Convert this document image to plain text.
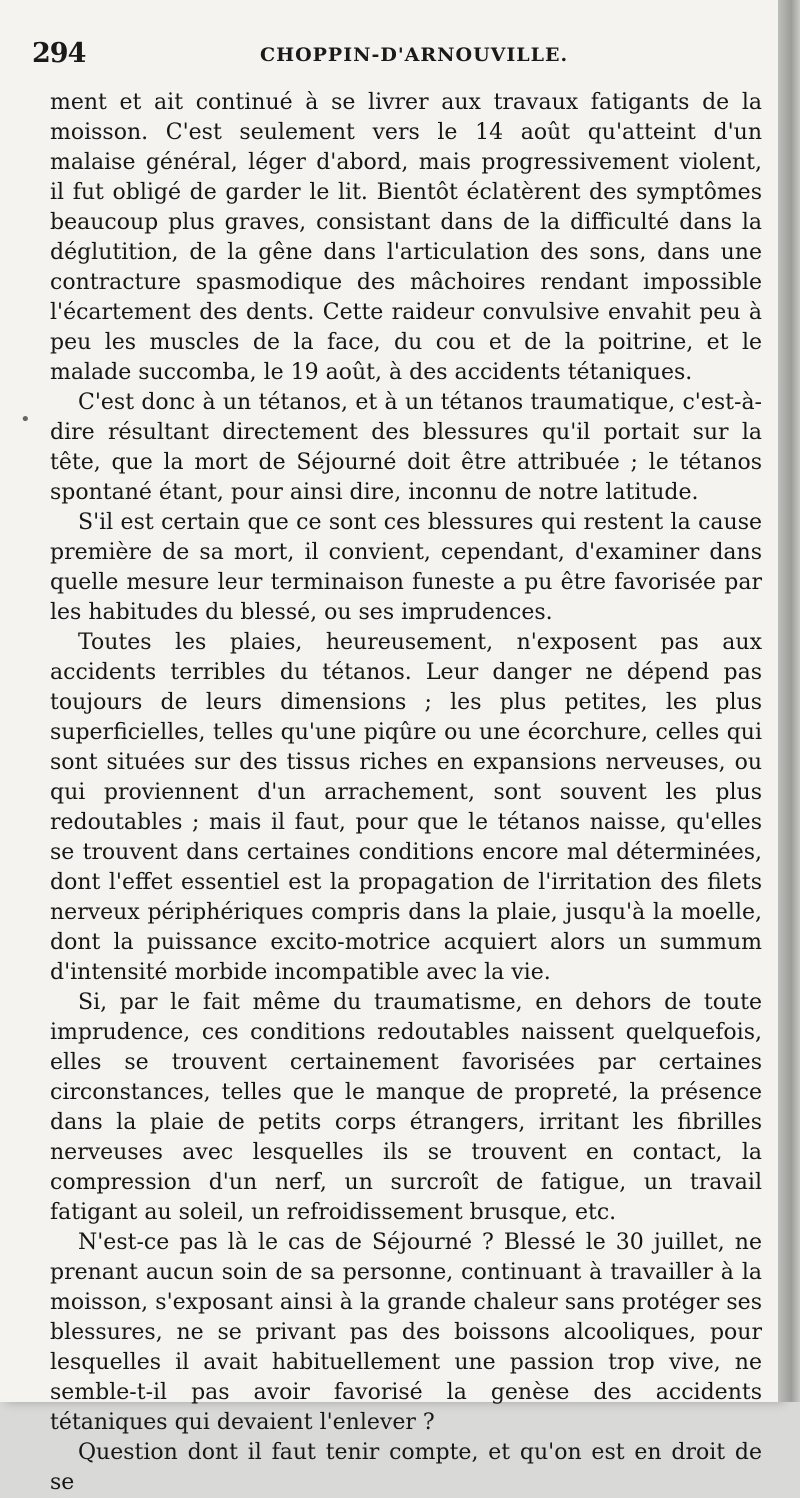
294	CHOPPIN-D'ARNOUVILLE.

ment et ait continué à se livrer aux travaux fatigants de la moisson. C'est seulement vers le 14 août qu'atteint d'un malaise général, léger d'abord, mais progressivement violent, il fut obligé de garder le lit. Bientôt éclatèrent des symptômes beaucoup plus graves, consistant dans de la difficulté dans la déglutition, de la gêne dans l'articulation des sons, dans une contracture spasmodique des mâchoires rendant impossible l'écartement des dents. Cette raideur convulsive envahit peu à peu les muscles de la face, du cou et de la poitrine, et le malade succomba, le 19 août, à des accidents tétaniques.

C'est donc à un tétanos, et à un tétanos traumatique, c'est-à-dire résultant directement des blessures qu'il portait sur la tête, que la mort de Séjourné doit être attribuée ; le tétanos spontané étant, pour ainsi dire, inconnu de notre latitude.

S'il est certain que ce sont ces blessures qui restent la cause première de sa mort, il convient, cependant, d'examiner dans quelle mesure leur terminaison funeste a pu être favorisée par les habitudes du blessé, ou ses imprudences.

Toutes les plaies, heureusement, n'exposent pas aux accidents terribles du tétanos. Leur danger ne dépend pas toujours de leurs dimensions ; les plus petites, les plus superficielles, telles qu'une piqûre ou une écorchure, celles qui sont situées sur des tissus riches en expansions nerveuses, ou qui proviennent d'un arrachement, sont souvent les plus redoutables ; mais il faut, pour que le tétanos naisse, qu'elles se trouvent dans certaines conditions encore mal déterminées, dont l'effet essentiel est la propagation de l'irritation des filets nerveux périphériques compris dans la plaie, jusqu'à la moelle, dont la puissance excito-motrice acquiert alors un summum d'intensité morbide incompatible avec la vie.

Si, par le fait même du traumatisme, en dehors de toute imprudence, ces conditions redoutables naissent quelquefois, elles se trouvent certainement favorisées par certaines circonstances, telles que le manque de propreté, la présence dans la plaie de petits corps étrangers, irritant les fibrilles nerveuses avec lesquelles ils se trouvent en contact, la compression d'un nerf, un surcroît de fatigue, un travail fatigant au soleil, un refroidissement brusque, etc.

N'est-ce pas là le cas de Séjourné ? Blessé le 30 juillet, ne prenant aucun soin de sa personne, continuant à travailler à la moisson, s'exposant ainsi à la grande chaleur sans protéger ses blessures, ne se privant pas des boissons alcooliques, pour lesquelles il avait habituellement une passion trop vive, ne semble-t-il pas avoir favorisé la genèse des accidents tétaniques qui devaient l'enlever ?

Question dont il faut tenir compte, et qu'on est en droit de se

•
